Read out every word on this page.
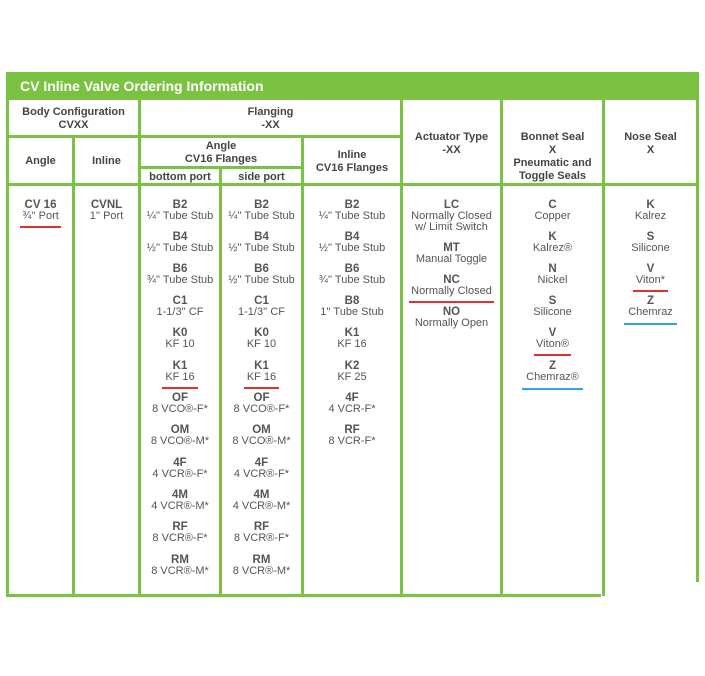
CV Inline Valve Ordering Information
Body Configuration
CVXX
Angle	Inline
Flanging
-XX
Angle
CV16 Flanges
bottom port	side port
Inline
CV16 Flanges
Actuator Type
-XX
Bonnet Seal
X
Pneumatic and
Toggle Seals
Nose Seal
X
CV 16
¾'' Port
CVNL
1'' Port
B2
¼'' Tube Stub
B4
½'' Tube Stub
B6
¾'' Tube Stub
C1
1-1/3'' CF
K0
KF 10
K1
KF 16
OF
8 VCO®-F*
OM
8 VCO®-M*
4F
4 VCR®-F*
4M
4 VCR®-M*
RF
8 VCR®-F*
RM
8 VCR®-M*
B2
¼'' Tube Stub
B4
½'' Tube Stub
B6
½'' Tube Stub
C1
1-1/3'' CF
K0
KF 10
K1
KF 16
OF
8 VCO®-F*
OM
8 VCO®-M*
4F
4 VCR®-F*
4M
4 VCR®-M*
RF
8 VCR®-F*
RM
8 VCR®-M*
B2
¼'' Tube Stub
B4
½'' Tube Stub
B6
¾'' Tube Stub
B8
1'' Tube Stub
K1
KF 16
K2
KF 25
4F
4 VCR-F*
RF
8 VCR-F*
LC
Normally Closed
w/ Limit Switch
MT
Manual Toggle
NC
Normally Closed
NO
Normally Open
C
Copper
K
Kalrez®
N
Nickel
S
Silicone
V
Viton®
Z
Chemraz®
K
Kalrez
S
Silicone
V
Viton*
Z
Chemraz
